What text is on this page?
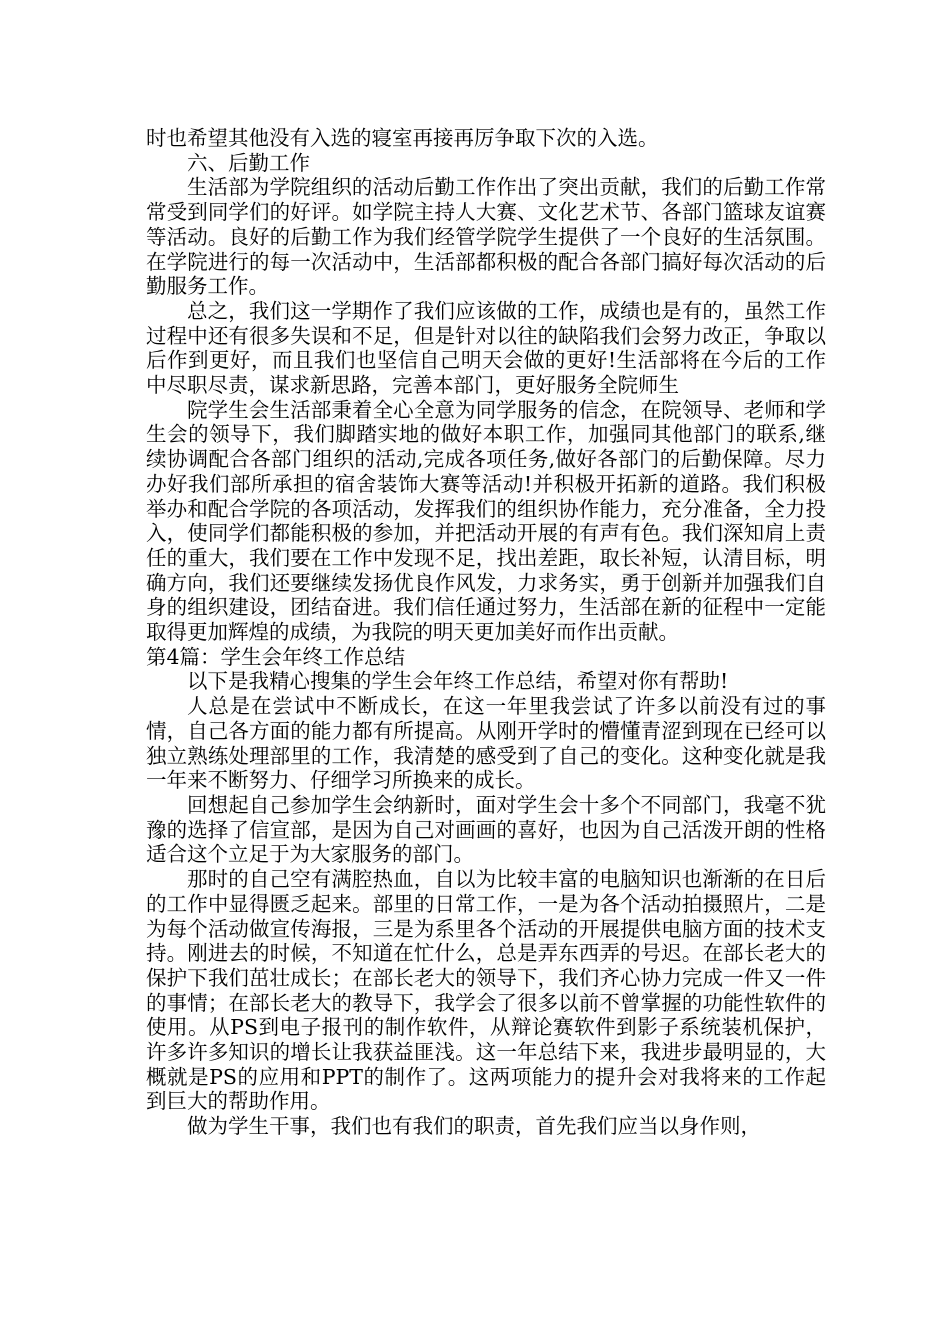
时也希望其他没有入选的寝室再接再厉争取下次的入选。

六、后勤工作

生活部为学院组织的活动后勤工作作出了突出贡献，我们的后勤工作常常受到同学们的好评。如学院主持人大赛、文化艺术节、各部门篮球友谊赛等活动。良好的后勤工作为我们经管学院学生提供了一个良好的生活氛围。在学院进行的每一次活动中，生活部都积极的配合各部门搞好每次活动的后勤服务工作。

总之，我们这一学期作了我们应该做的工作，成绩也是有的，虽然工作过程中还有很多失误和不足，但是针对以往的缺陷我们会努力改正，争取以后作到更好，而且我们也坚信自己明天会做的更好!生活部将在今后的工作中尽职尽责，谋求新思路，完善本部门，更好服务全院师生

院学生会生活部秉着全心全意为同学服务的信念，在院领导、老师和学生会的领导下，我们脚踏实地的做好本职工作，加强同其他部门的联系,继续协调配合各部门组织的活动,完成各项任务,做好各部门的后勤保障。尽力办好我们部所承担的宿舍装饰大赛等活动!并积极开拓新的道路。我们积极举办和配合学院的各项活动，发挥我们的组织协作能力，充分准备，全力投入，使同学们都能积极的参加，并把活动开展的有声有色。我们深知肩上责任的重大，我们要在工作中发现不足，找出差距，取长补短，认清目标，明确方向，我们还要继续发扬优良作风发，力求务实，勇于创新并加强我们自身的组织建设，团结奋进。我们信任通过努力，生活部在新的征程中一定能取得更加辉煌的成绩，为我院的明天更加美好而作出贡献。

第4篇：学生会年终工作总结

以下是我精心搜集的学生会年终工作总结，希望对你有帮助!

人总是在尝试中不断成长，在这一年里我尝试了许多以前没有过的事情，自己各方面的能力都有所提高。从刚开学时的懵懂青涩到现在已经可以独立熟练处理部里的工作，我清楚的感受到了自己的变化。这种变化就是我一年来不断努力、仔细学习所换来的成长。

回想起自己参加学生会纳新时，面对学生会十多个不同部门，我毫不犹豫的选择了信宣部，是因为自己对画画的喜好，也因为自己活泼开朗的性格适合这个立足于为大家服务的部门。

那时的自己空有满腔热血，自以为比较丰富的电脑知识也渐渐的在日后的工作中显得匮乏起来。部里的日常工作，一是为各个活动拍摄照片，二是为每个活动做宣传海报，三是为系里各个活动的开展提供电脑方面的技术支持。刚进去的时候，不知道在忙什么，总是弄东西弄的号迟。在部长老大的保护下我们茁壮成长；在部长老大的领导下，我们齐心协力完成一件又一件的事情；在部长老大的教导下，我学会了很多以前不曾掌握的功能性软件的使用。从PS到电子报刊的制作软件，从辩论赛软件到影子系统装机保护，许多许多知识的增长让我获益匪浅。这一年总结下来，我进步最明显的，大概就是PS的应用和PPT的制作了。这两项能力的提升会对我将来的工作起到巨大的帮助作用。

做为学生干事，我们也有我们的职责，首先我们应当以身作则，
